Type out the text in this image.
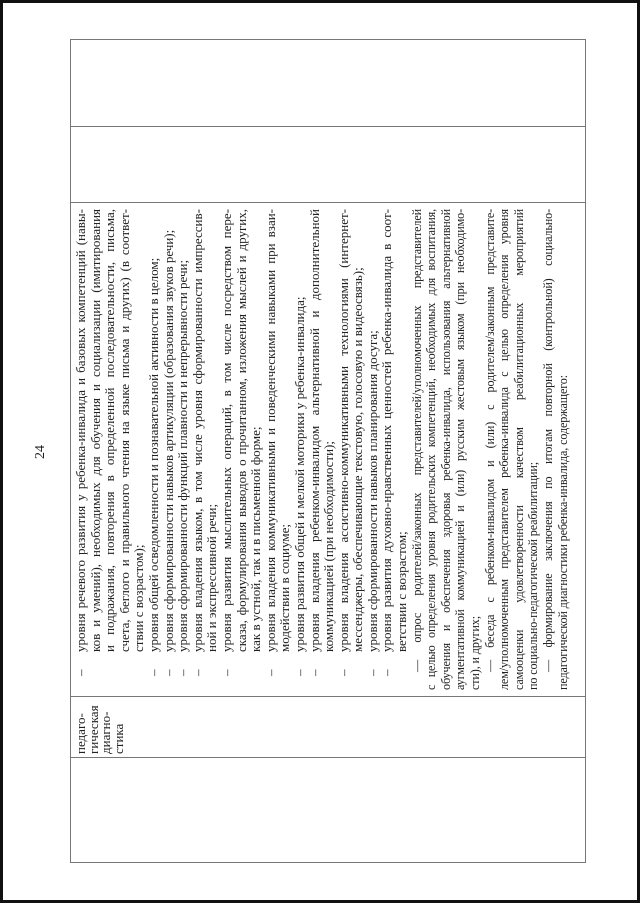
24

педаго-
гическая
диагно-
стика

–
уровня речевого развития у ребенка-инвалида и базовых компетенций (навы- ков и умений), необходимых для обучения и социализации (имитирования и подражания, повторения в определенной последовательности, письма, счета, беглого и правильного чтения на языке письма и других) (в соответ- ствии с возрастом);
–
уровня общей осведомленности и познавательной активности в целом;
–
уровня сформированности навыков артикуляции (образования звуков речи);
–
уровня сформированности функций плавности и непрерывности речи;
–
уровня владения языком, в том числе уровня сформированности импрессив- ной и экспрессивной речи;
–
уровня развития мыслительных операций, в том числе посредством пере- сказа, формулирования выводов о прочитанном, изложения мыслей и других, как в устной, так и в письменной форме;
–
уровня владения коммуникативными и поведенческими навыками при взаи- модействии в социуме;
–
уровня развития общей и мелкой моторики у ребенка-инвалида;
–
уровня владения ребенком-инвалидом альтернативной и дополнительной коммуникацией (при необходимости);
–
уровня владения ассистивно-коммуникативными технологиями (интернет- мессенджеры, обеспечивающие текстовую, голосовую и видеосвязь);
–
уровня сформированности навыков планирования досуга;
–
уровня развития духовно-нравственных ценностей ребенка-инвалида в соот- ветствии с возрастом; — опрос родителей/законных представителей/уполномоченных представителей с целью определения уровня родительских компетенций, необходимых для воспитания, обучения и обеспечения здоровья ребенка-инвалида, использования альтернативной аугментативной коммуникацией и (или) русским жестовым языком (при необходимо- сти), и других; — беседа с ребенком-инвалидом и (или) с родителем/законным представите- лем/уполномоченным представителем ребенка-инвалида с целью определения уровня самооценки удовлетворенности качеством реабилитационных мероприятий по социально-педагогической реабилитации; — формирование заключения по итогам повторной (контрольной) социально- педагогической диагностики ребенка-инвалида, содержащего:
